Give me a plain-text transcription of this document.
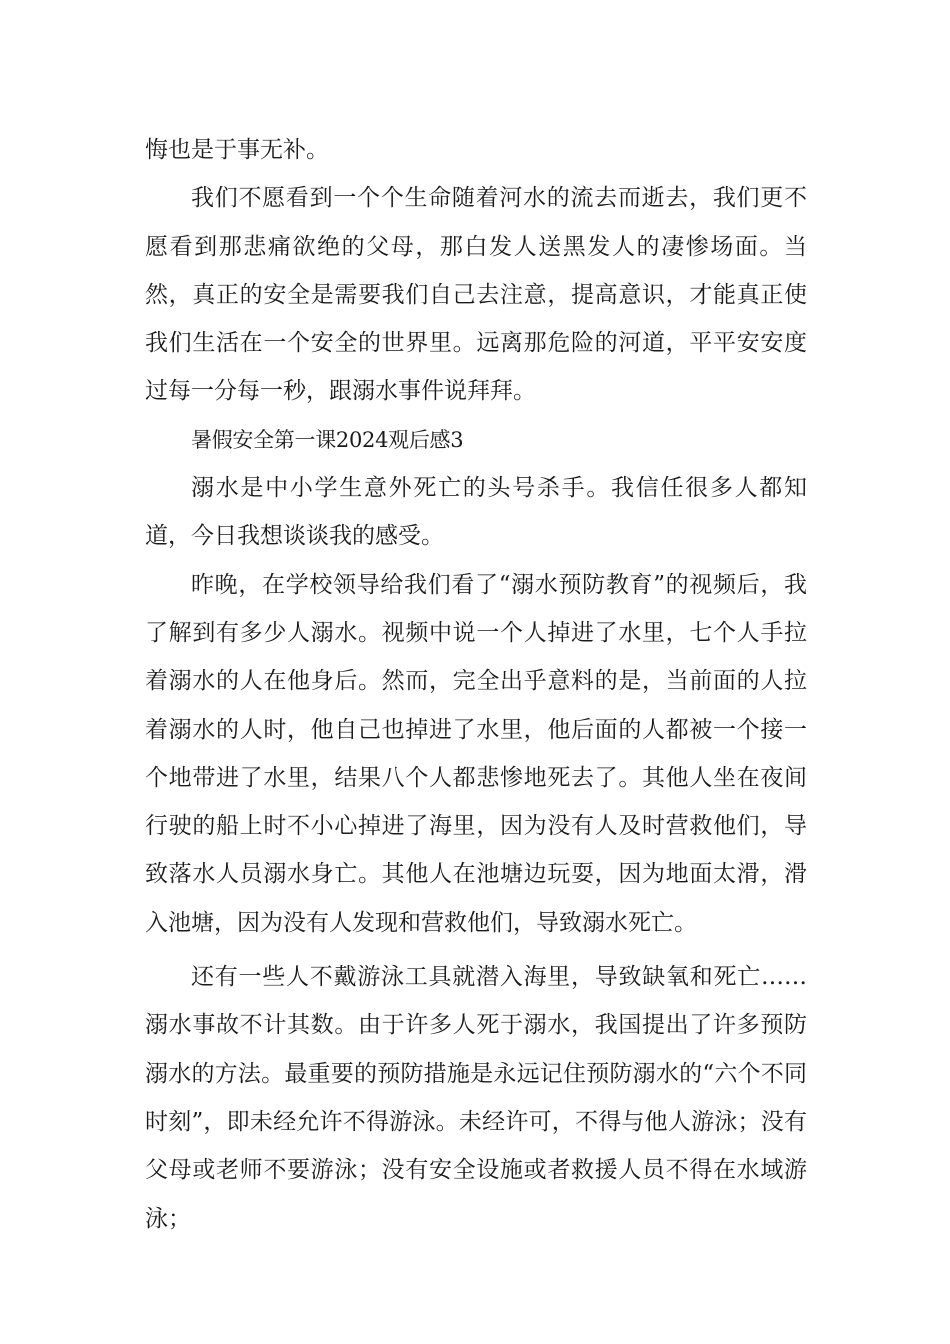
悔也是于事无补。

我们不愿看到一个个生命随着河水的流去而逝去，我们更不愿看到那悲痛欲绝的父母，那白发人送黑发人的凄惨场面。当然，真正的安全是需要我们自己去注意，提高意识，才能真正使我们生活在一个安全的世界里。远离那危险的河道，平平安安度过每一分每一秒，跟溺水事件说拜拜。

暑假安全第一课2024观后感3

溺水是中小学生意外死亡的头号杀手。我信任很多人都知道，今日我想谈谈我的感受。

昨晚，在学校领导给我们看了“溺水预防教育”的视频后，我了解到有多少人溺水。视频中说一个人掉进了水里，七个人手拉着溺水的人在他身后。然而，完全出乎意料的是，当前面的人拉着溺水的人时，他自己也掉进了水里，他后面的人都被一个接一个地带进了水里，结果八个人都悲惨地死去了。其他人坐在夜间行驶的船上时不小心掉进了海里，因为没有人及时营救他们，导致落水人员溺水身亡。其他人在池塘边玩耍，因为地面太滑，滑入池塘，因为没有人发现和营救他们，导致溺水死亡。

还有一些人不戴游泳工具就潜入海里，导致缺氧和死亡……溺水事故不计其数。由于许多人死于溺水，我国提出了许多预防溺水的方法。最重要的预防措施是永远记住预防溺水的“六个不同时刻”，即未经允许不得游泳。未经许可，不得与他人游泳；没有父母或老师不要游泳；没有安全设施或者救援人员不得在水域游泳；
